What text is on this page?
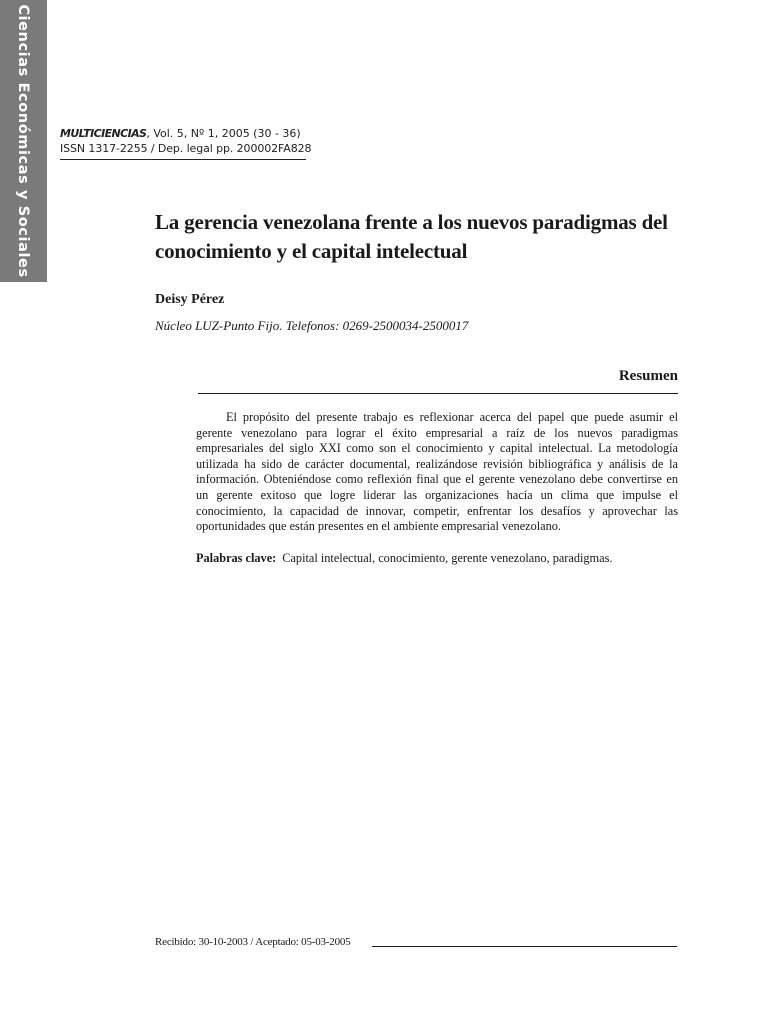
Ciencias Económicas y Sociales	MULTICIENCIAS, Vol. 5, Nº 1, 2005 (30 - 36)
ISSN 1317-2255 / Dep. legal pp. 200002FA828
La gerencia venezolana frente a los nuevos paradigmas del conocimiento y el capital intelectual
Deisy Pérez
Núcleo LUZ-Punto Fijo. Telefonos: 0269-2500034-2500017
Resumen

El propósito del presente trabajo es reflexionar acerca del papel que puede asumir el gerente venezolano para lograr el éxito empresarial a raíz de los nuevos paradigmas empresariales del siglo XXI como son el conocimiento y capital intelectual. La metodología utilizada ha sido de carácter documental, realizándose revisión bibliográfica y análisis de la información. Obteniéndose como reflexión final que el gerente venezolano debe convertirse en un gerente exitoso que logre liderar las organizaciones hacía un clima que impulse el conocimiento, la capacidad de innovar, competir, enfrentar los desafíos y aprovechar las oportunidades que están presentes en el ambiente empresarial venezolano.

Palabras clave: Capital intelectual, conocimiento, gerente venezolano, paradigmas.
Recibido: 30-10-2003 / Aceptado: 05-03-2005
